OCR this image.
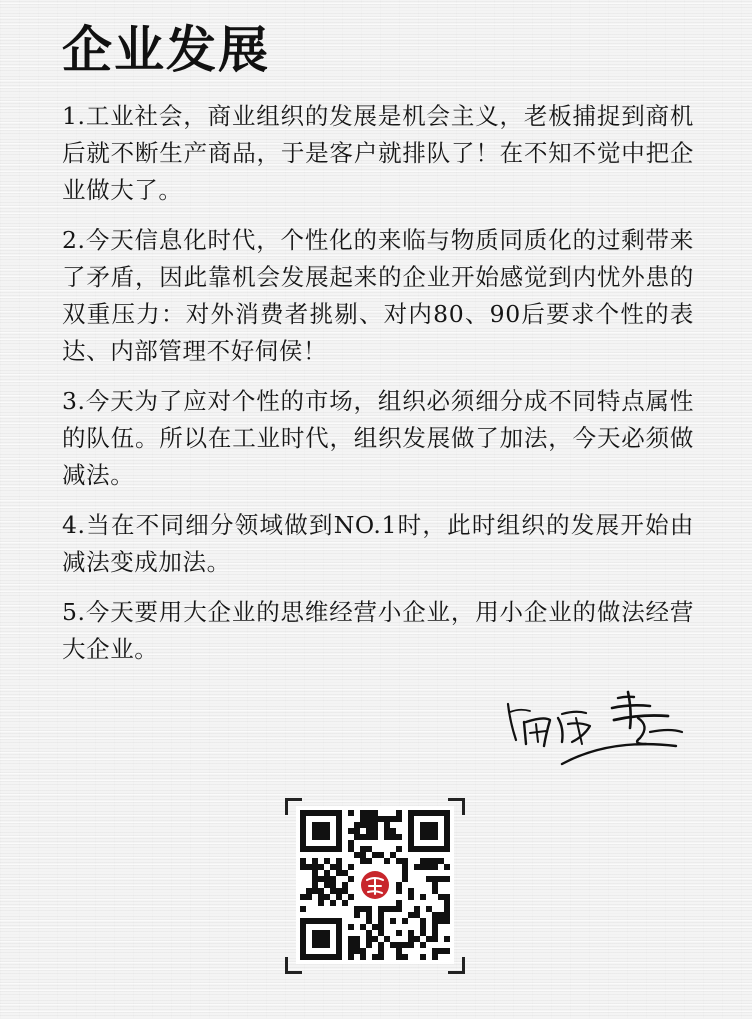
企业发展

1.工业社会，商业组织的发展是机会主义，老板捕捉到商机后就不断生产商品，于是客户就排队了！在不知不觉中把企业做大了。

2.今天信息化时代，个性化的来临与物质同质化的过剩带来了矛盾，因此靠机会发展起来的企业开始感觉到内忧外患的双重压力：对外消费者挑剔、对内80、90后要求个性的表达、内部管理不好伺侯！

3.今天为了应对个性的市场，组织必须细分成不同特点属性的队伍。所以在工业时代，组织发展做了加法，今天必须做减法。

4.当在不同细分领域做到NO.1时，此时组织的发展开始由减法变成加法。

5.今天要用大企业的思维经营小企业，用小企业的做法经营大企业。
